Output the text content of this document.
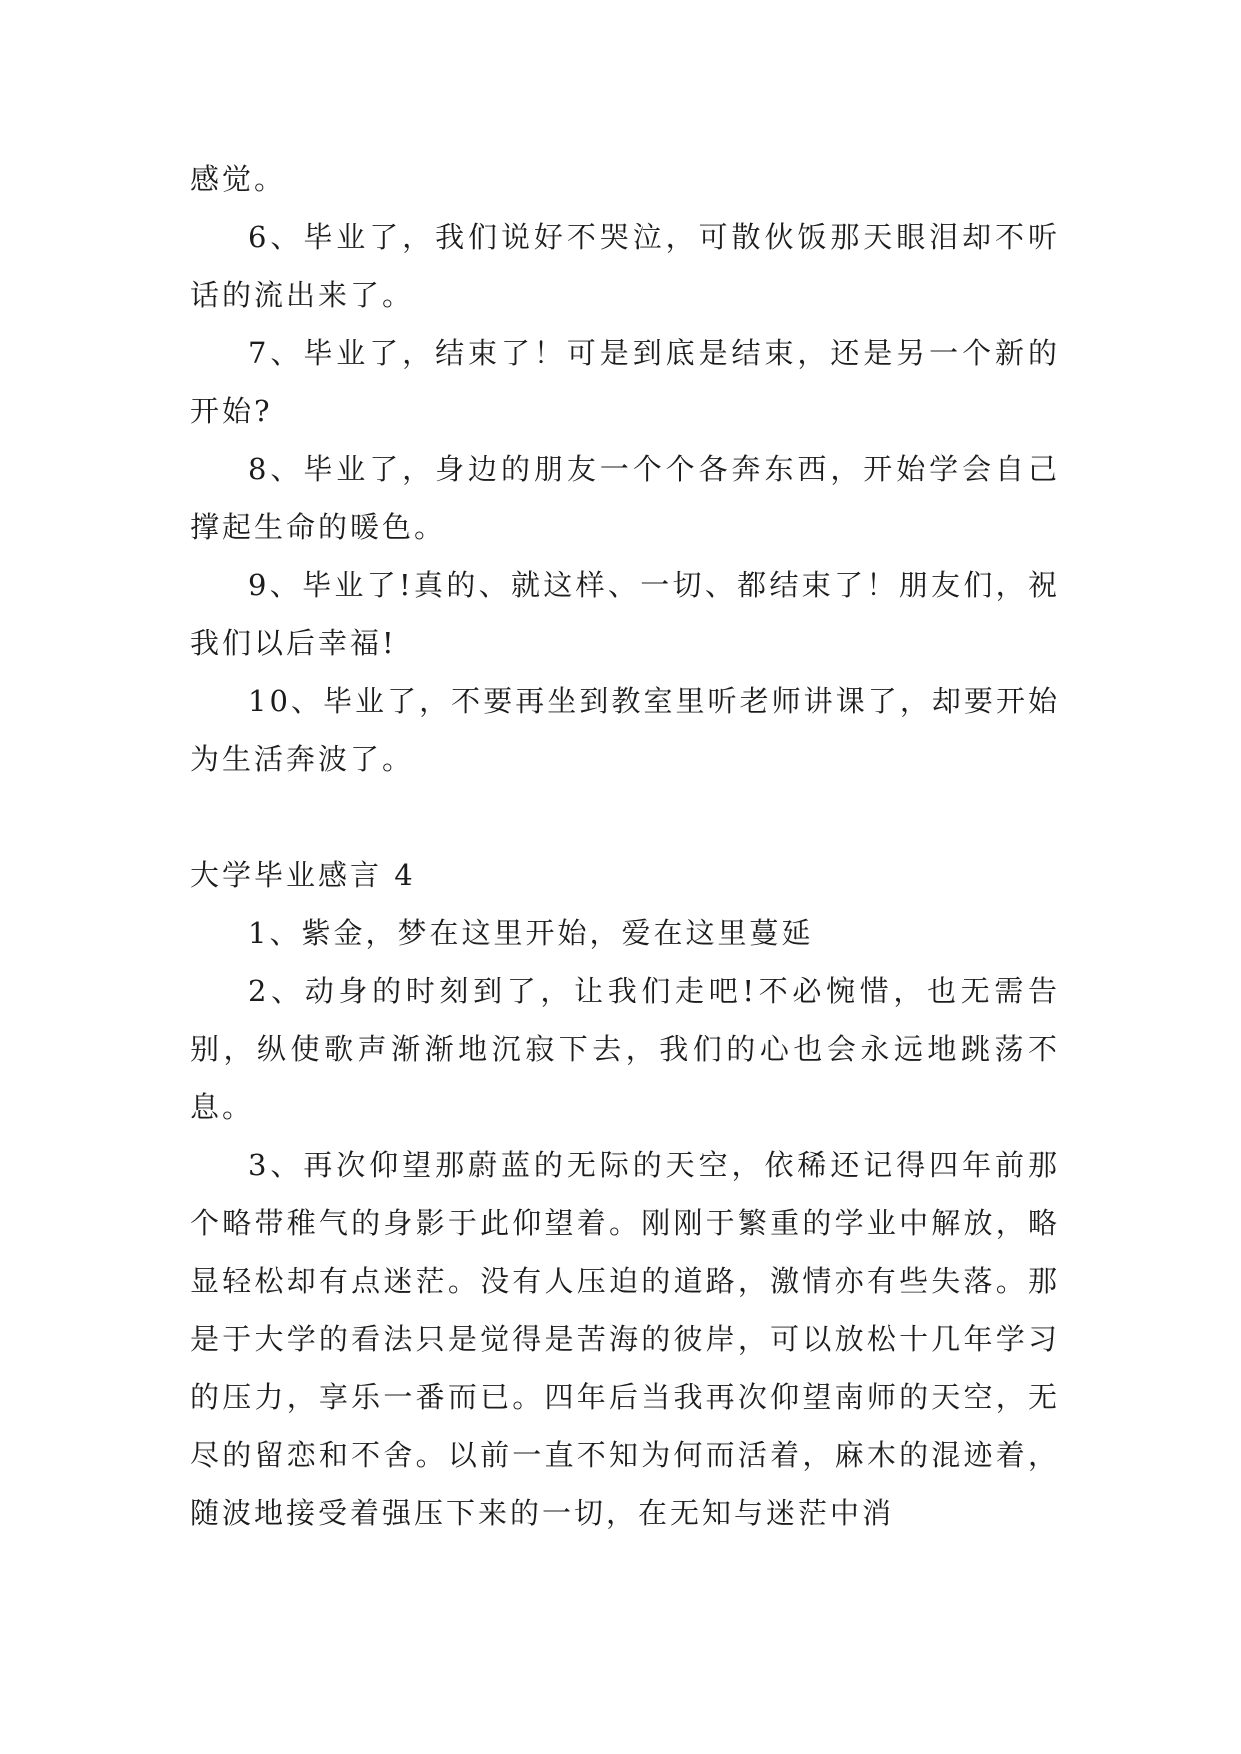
感觉。

6、毕业了，我们说好不哭泣，可散伙饭那天眼泪却不听话的流出来了。

7、毕业了，结束了！可是到底是结束，还是另一个新的开始?

8、毕业了，身边的朋友一个个各奔东西，开始学会自己撑起生命的暖色。

9、毕业了!真的、就这样、一切、都结束了！朋友们，祝我们以后幸福!

10、毕业了，不要再坐到教室里听老师讲课了，却要开始为生活奔波了。

大学毕业感言 4

1、紫金，梦在这里开始，爱在这里蔓延

2、动身的时刻到了，让我们走吧!不必惋惜，也无需告别，纵使歌声渐渐地沉寂下去，我们的心也会永远地跳荡不息。

3、再次仰望那蔚蓝的无际的天空，依稀还记得四年前那个略带稚气的身影于此仰望着。刚刚于繁重的学业中解放，略显轻松却有点迷茫。没有人压迫的道路，激情亦有些失落。那是于大学的看法只是觉得是苦海的彼岸，可以放松十几年学习的压力，享乐一番而已。四年后当我再次仰望南师的天空，无尽的留恋和不舍。以前一直不知为何而活着，麻木的混迹着，随波地接受着强压下来的一切，在无知与迷茫中消
